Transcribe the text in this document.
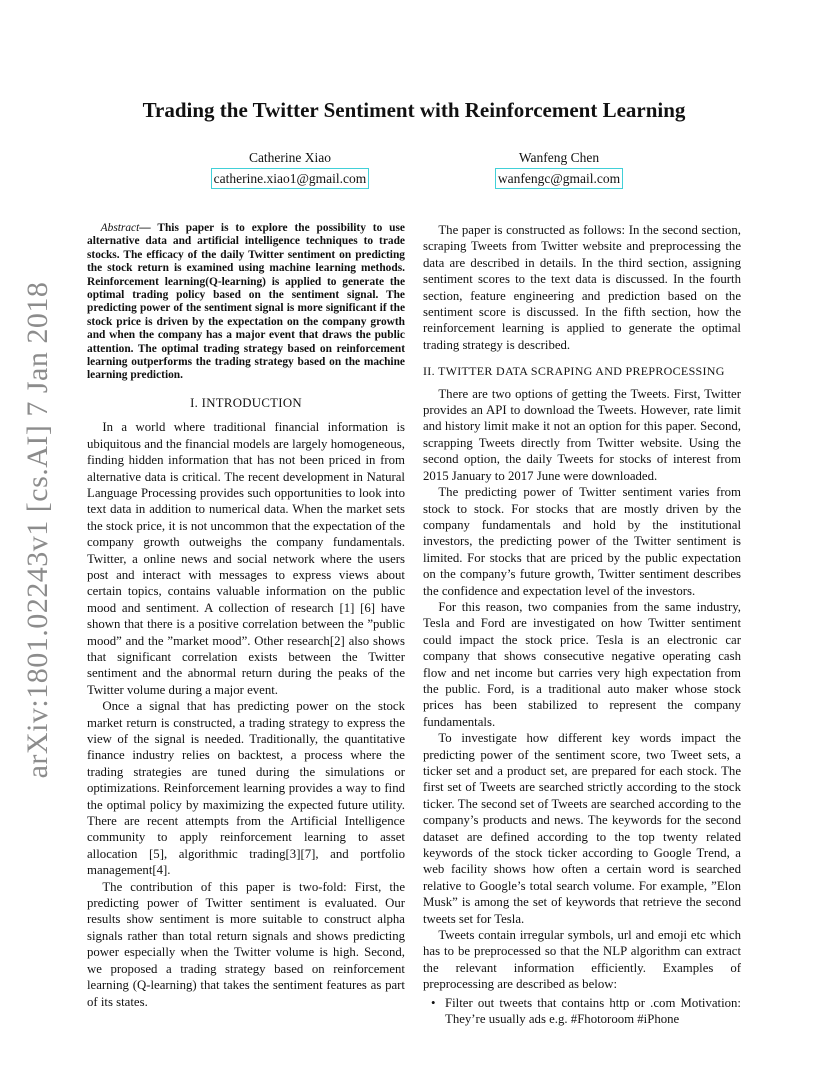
arXiv:1801.02243v1 [cs.AI] 7 Jan 2018
Trading the Twitter Sentiment with Reinforcement Learning
Catherine Xiao
catherine.xiao1@gmail.com
Wanfeng Chen
wanfengc@gmail.com

Abstract— This paper is to explore the possibility to use alternative data and artificial intelligence techniques to trade stocks. The efficacy of the daily Twitter sentiment on predicting the stock return is examined using machine learning methods. Reinforcement learning(Q-learning) is applied to generate the optimal trading policy based on the sentiment signal. The predicting power of the sentiment signal is more significant if the stock price is driven by the expectation on the company growth and when the company has a major event that draws the public attention. The optimal trading strategy based on reinforcement learning outperforms the trading strategy based on the machine learning prediction.

I. INTRODUCTION

In a world where traditional financial information is ubiquitous and the financial models are largely homogeneous, finding hidden information that has not been priced in from alternative data is critical. The recent development in Natural Language Processing provides such opportunities to look into text data in addition to numerical data. When the market sets the stock price, it is not uncommon that the expectation of the company growth outweighs the company fundamentals. Twitter, a online news and social network where the users post and interact with messages to express views about certain topics, contains valuable information on the public mood and sentiment. A collection of research [1] [6] have shown that there is a positive correlation between the ”public mood” and the ”market mood”. Other research[2] also shows that significant correlation exists between the Twitter sentiment and the abnormal return during the peaks of the Twitter volume during a major event.

Once a signal that has predicting power on the stock market return is constructed, a trading strategy to express the view of the signal is needed. Traditionally, the quantitative finance industry relies on backtest, a process where the trading strategies are tuned during the simulations or optimizations. Reinforcement learning provides a way to find the optimal policy by maximizing the expected future utility. There are recent attempts from the Artificial Intelligence community to apply reinforcement learning to asset allocation [5], algorithmic trading[3][7], and portfolio management[4].

The contribution of this paper is two-fold: First, the predicting power of Twitter sentiment is evaluated. Our results show sentiment is more suitable to construct alpha signals rather than total return signals and shows predicting power especially when the Twitter volume is high. Second, we proposed a trading strategy based on reinforcement learning (Q-learning) that takes the sentiment features as part of its states.

The paper is constructed as follows: In the second section, scraping Tweets from Twitter website and preprocessing the data are described in details. In the third section, assigning sentiment scores to the text data is discussed. In the fourth section, feature engineering and prediction based on the sentiment score is discussed. In the fifth section, how the reinforcement learning is applied to generate the optimal trading strategy is described.

II. TWITTER DATA SCRAPING AND PREPROCESSING

There are two options of getting the Tweets. First, Twitter provides an API to download the Tweets. However, rate limit and history limit make it not an option for this paper. Second, scrapping Tweets directly from Twitter website. Using the second option, the daily Tweets for stocks of interest from 2015 January to 2017 June were downloaded.

The predicting power of Twitter sentiment varies from stock to stock. For stocks that are mostly driven by the company fundamentals and hold by the institutional investors, the predicting power of the Twitter sentiment is limited. For stocks that are priced by the public expectation on the company’s future growth, Twitter sentiment describes the confidence and expectation level of the investors.

For this reason, two companies from the same industry, Tesla and Ford are investigated on how Twitter sentiment could impact the stock price. Tesla is an electronic car company that shows consecutive negative operating cash flow and net income but carries very high expectation from the public. Ford, is a traditional auto maker whose stock prices has been stabilized to represent the company fundamentals.

To investigate how different key words impact the predicting power of the sentiment score, two Tweet sets, a ticker set and a product set, are prepared for each stock. The first set of Tweets are searched strictly according to the stock ticker. The second set of Tweets are searched according to the company’s products and news. The keywords for the second dataset are defined according to the top twenty related keywords of the stock ticker according to Google Trend, a web facility shows how often a certain word is searched relative to Google’s total search volume. For example, ”Elon Musk” is among the set of keywords that retrieve the second tweets set for Tesla.

Tweets contain irregular symbols, url and emoji etc which has to be preprocessed so that the NLP algorithm can extract the relevant information efficiently. Examples of preprocessing are described as below:

• Filter out tweets that contains http or .com Motivation: They’re usually ads e.g. #Fhotoroom #iPhone
